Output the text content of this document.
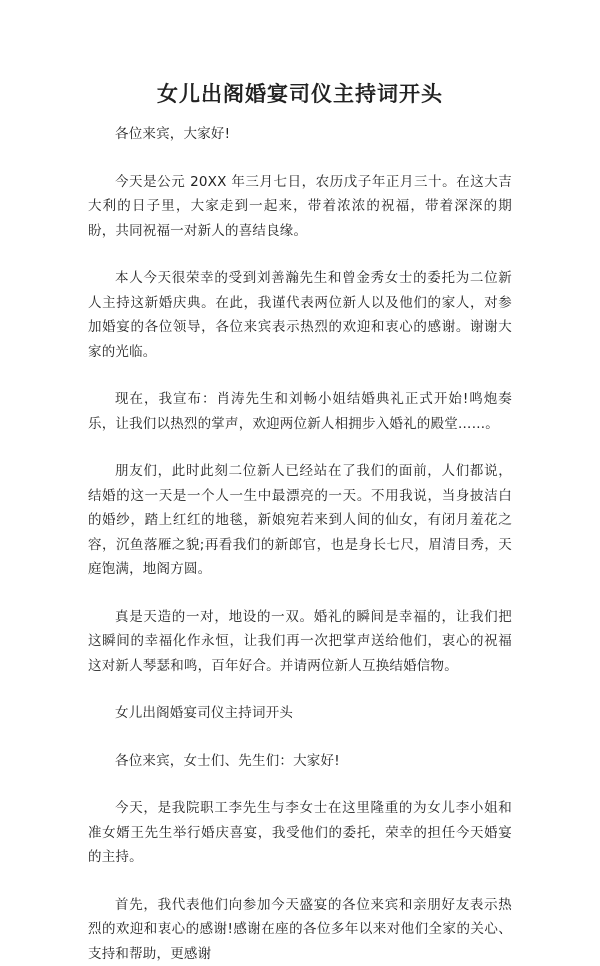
女儿出阁婚宴司仪主持词开头

各位来宾，大家好!

今天是公元 20XX 年三月七日，农历戊子年正月三十。在这大吉大利的日子里，大家走到一起来，带着浓浓的祝福，带着深深的期盼，共同祝福一对新人的喜结良缘。

本人今天很荣幸的受到刘善瀚先生和曾金秀女士的委托为二位新人主持这新婚庆典。在此，我谨代表两位新人以及他们的家人，对参加婚宴的各位领导，各位来宾表示热烈的欢迎和衷心的感谢。谢谢大家的光临。

现在，我宣布：肖涛先生和刘畅小姐结婚典礼正式开始!鸣炮奏乐，让我们以热烈的掌声，欢迎两位新人相拥步入婚礼的殿堂……。

朋友们，此时此刻二位新人已经站在了我们的面前，人们都说，结婚的这一天是一个人一生中最漂亮的一天。不用我说，当身披洁白的婚纱，踏上红红的地毯，新娘宛若来到人间的仙女，有闭月羞花之容，沉鱼落雁之貌;再看我们的新郎官，也是身长七尺，眉清目秀，天庭饱满，地阁方圆。

真是天造的一对，地设的一双。婚礼的瞬间是幸福的，让我们把这瞬间的幸福化作永恒，让我们再一次把掌声送给他们，衷心的祝福这对新人琴瑟和鸣，百年好合。并请两位新人互换结婚信物。

女儿出阁婚宴司仪主持词开头

各位来宾，女士们、先生们：大家好!

今天，是我院职工李先生与李女士在这里隆重的为女儿李小姐和准女婿王先生举行婚庆喜宴，我受他们的委托，荣幸的担任今天婚宴的主持。

首先，我代表他们向参加今天盛宴的各位来宾和亲朋好友表示热烈的欢迎和衷心的感谢!感谢在座的各位多年以来对他们全家的关心、支持和帮助，更感谢
